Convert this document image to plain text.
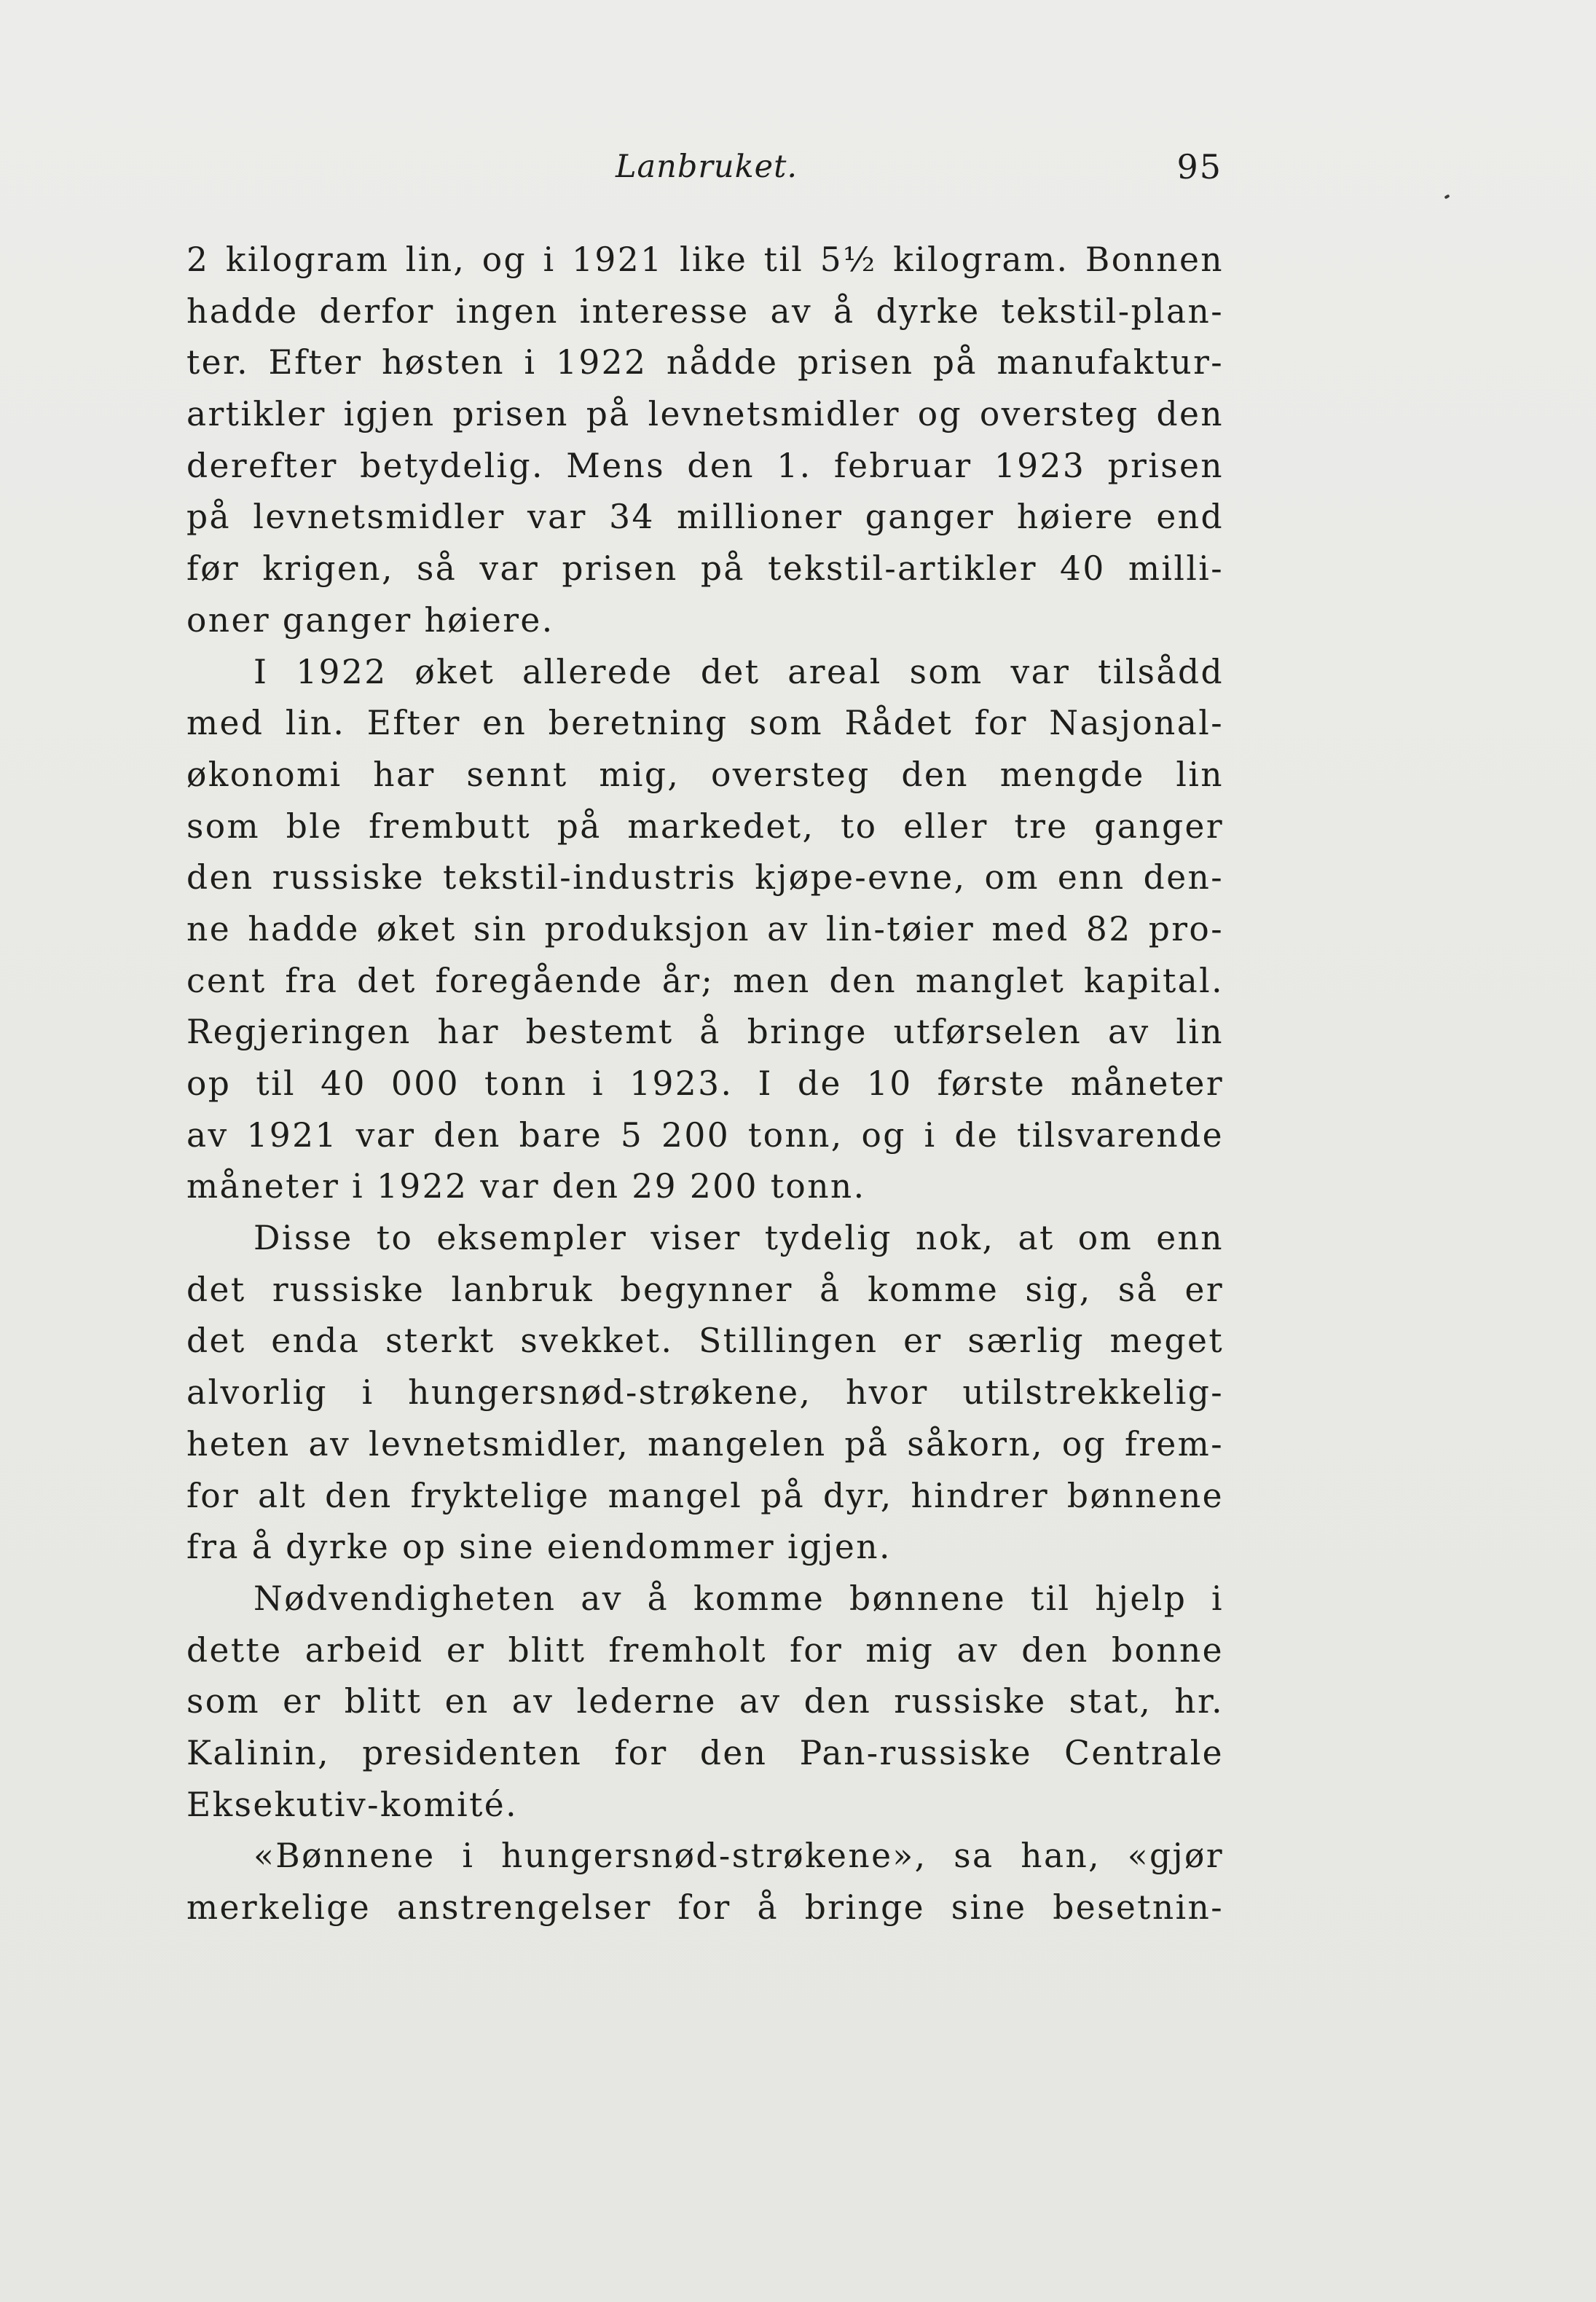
Lanbruket.	95
2 kilogram lin, og i 1921 like til 5½ kilogram. Bonnen
hadde derfor ingen interesse av å dyrke tekstil-plan-
ter. Efter høsten i 1922 nådde prisen på manufaktur-
artikler igjen prisen på levnetsmidler og oversteg den
derefter betydelig. Mens den 1. februar 1923 prisen
på levnetsmidler var 34 millioner ganger høiere end
før krigen, så var prisen på tekstil-artikler 40 milli-
oner ganger høiere.
I 1922 øket allerede det areal som var tilsådd
med lin. Efter en beretning som Rådet for Nasjonal-
økonomi har sennt mig, oversteg den mengde lin
som ble frembutt på markedet, to eller tre ganger
den russiske tekstil-industris kjøpe-evne, om enn den-
ne hadde øket sin produksjon av lin-tøier med 82 pro-
cent fra det foregående år; men den manglet kapital.
Regjeringen har bestemt å bringe utførselen av lin
op til 40 000 tonn i 1923. I de 10 første måneter
av 1921 var den bare 5 200 tonn, og i de tilsvarende
måneter i 1922 var den 29 200 tonn.
Disse to eksempler viser tydelig nok, at om enn
det russiske lanbruk begynner å komme sig, så er
det enda sterkt svekket. Stillingen er særlig meget
alvorlig i hungersnød-strøkene, hvor utilstrekkelig-
heten av levnetsmidler, mangelen på såkorn, og frem-
for alt den fryktelige mangel på dyr, hindrer bønnene
fra å dyrke op sine eiendommer igjen.
Nødvendigheten av å komme bønnene til hjelp i
dette arbeid er blitt fremholt for mig av den bonne
som er blitt en av lederne av den russiske stat, hr.
Kalinin, presidenten for den Pan-russiske Centrale
Eksekutiv-komité.
«Bønnene i hungersnød-strøkene», sa han, «gjør
merkelige anstrengelser for å bringe sine besetnin-
